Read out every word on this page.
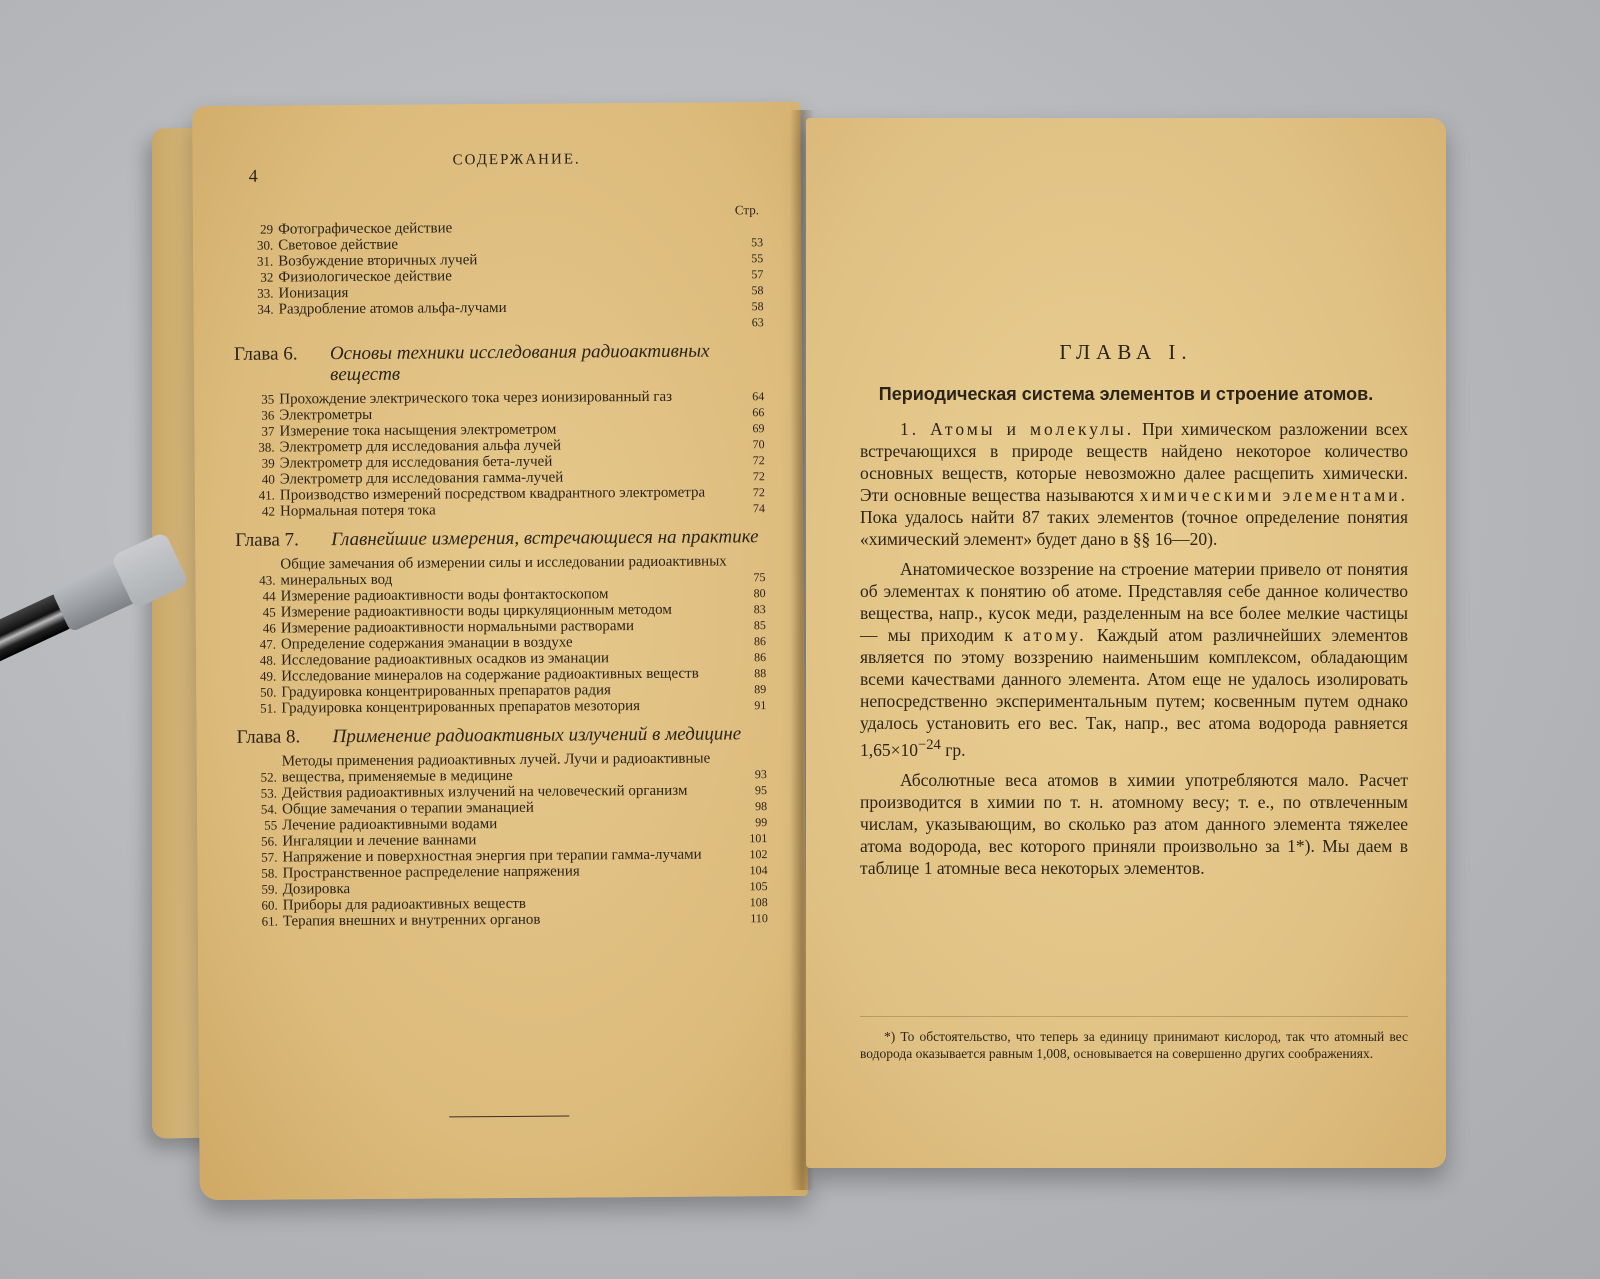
4
СОДЕРЖАНИЕ.
Стр.
29 Фотографическое действие
30. Световое действие	53
31. Возбуждение вторичных лучей	55
32 Физиологическое действие	57
33. Ионизация	58
34. Раздробление атомов альфа-лучами	58
63
Глава 6.	Основы техники исследования радиоактивных веществ
35 Прохождение электрического тока через ионизированный газ	64
36 Электрометры	66
37 Измерение тока насыщения электрометром	69
38. Электрометр для исследования альфа лучей	70
39 Электрометр для исследования бета-лучей	72
40 Электрометр для исследования гамма-лучей	72
41. Производство измерений посредством квадрантного электрометра	72
42 Нормальная потеря тока	74
Глава 7.	Главнейшие измерения, встречающиеся на практике
43.
Общие замечания об измерении силы и исследовании радиоактивных минеральных вод	75
44 Измерение радиоактивности воды фонтактоскопом	80
45 Измерение радиоактивности воды циркуляционным методом	83
46 Измерение радиоактивности нормальными растворами	85
47. Определение содержания эманации в воздухе	86
48. Исследование радиоактивных осадков из эманации	86
49. Исследование минералов на содержание радиоактивных веществ	88
50. Градуировка концентрированных препаратов радия	89
51. Градуировка концентрированных препаратов мезотория	91
Глава 8.	Применение радиоактивных излучений в медицине
52.
Методы применения радиоактивных лучей. Лучи и радиоактивные вещества, применяемые в медицине	93
53. Действия радиоактивных излучений на человеческий организм	95
54. Общие замечания о терапии эманацией	98
55 Лечение радиоактивными водами	99
56. Ингаляции и лечение ваннами	101
57. Напряжение и поверхностная энергия при терапии гамма-лучами	102
58. Пространственное распределение напряжения	104
59. Дозировка	105
60. Приборы для радиоактивных веществ	108
61. Терапия внешних и внутренних органов	110
ГЛАВА I.
Периодическая система элементов и строение атомов.

1. Атомы и молекулы. При химическом разложении всех встречающихся в природе веществ найдено некоторое количество основных веществ, которые невозможно далее расщепить химически. Эти основные вещества называются химическими элементами. Пока удалось найти 87 таких элементов (точное определение понятия «химический элемент» будет дано в §§ 16—20).

Анатомическое воззрение на строение материи привело от понятия об элементах к понятию об атоме. Представляя себе данное количество вещества, напр., кусок меди, разделенным на все более мелкие частицы — мы приходим к атому. Каждый атом различнейших элементов является по этому воззрению наименьшим комплексом, обладающим всеми качествами данного элемента. Атом еще не удалось изолировать непосредственно экспериментальным путем; косвенным путем однако удалось установить его вес. Так, напр., вес атома водорода равняется $1,65\times 10^{-24}$ гр.

Абсолютные веса атомов в химии употребляются мало. Расчет производится в химии по т. н. атомному весу; т. е., по отвлеченным числам, указывающим, во сколько раз атом данного элемента тяжелее атома водорода, вес которого приняли произвольно за 1*). Мы даем в таблице 1 атомные веса некоторых элементов.

*) То обстоятельство, что теперь за единицу принимают кислород, так что атомный вес водорода оказывается равным 1,008, основывается на совершенно других соображениях.
